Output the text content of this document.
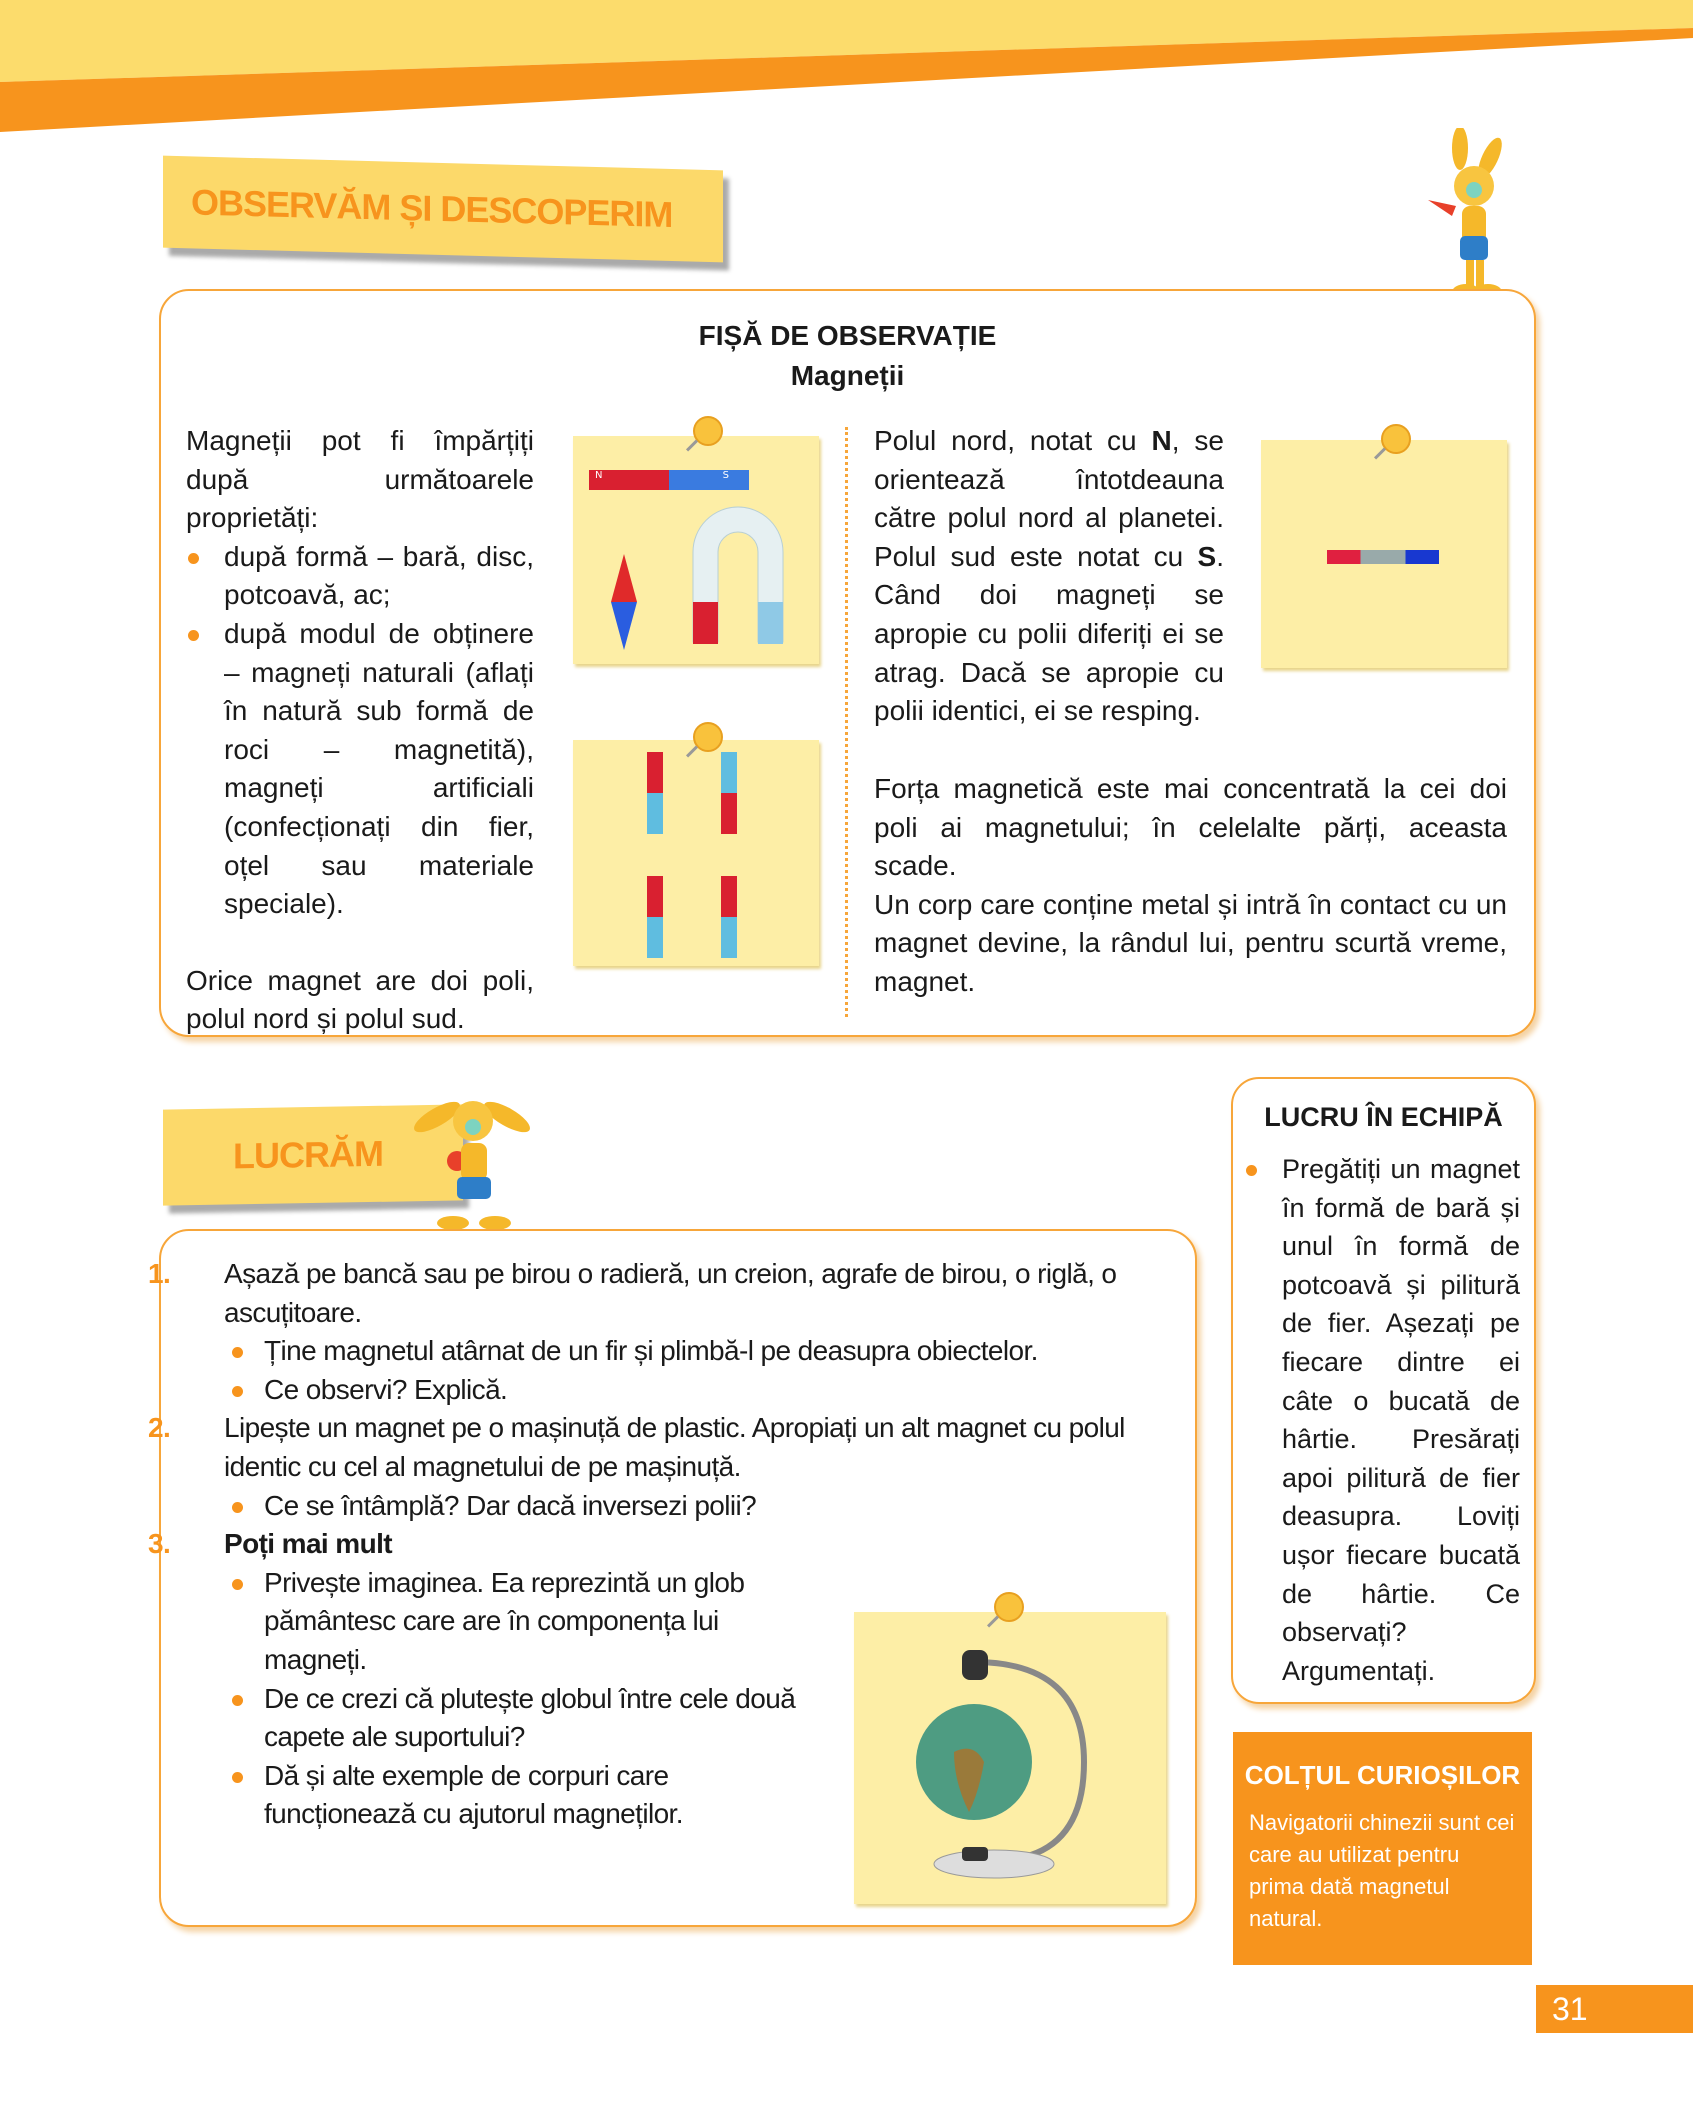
OBSERVĂM ȘI DESCOPERIM
FIȘĂ DE OBSERVAȚIE
Magneții

Magneții pot fi împărțiți după următoarele proprietăți:

după formă – bară, disc, potcoavă, ac;
după modul de obținere – magneți naturali (aflați în natură sub formă de roci – magnetită), magneți artificiali (confecționați din fier, oțel sau materiale speciale).

Orice magnet are doi poli, polul nord și polul sud.

N	S
Polul nord, notat cu N, se orientează întotdeauna către polul nord al planetei. Polul sud este notat cu S. Când doi magneți se apropie cu polii diferiți ei se atrag. Dacă se apropie cu polii identici, ei se resping.

Forța magnetică este mai concentrată la cei doi poli ai magnetului; în celelalte părți, aceasta scade.

Un corp care conține metal și intră în contact cu un magnet devine, la rândul lui, pentru scurtă vreme, magnet.

LUCRĂM
1. Așază pe bancă sau pe birou o radieră, un creion, agrafe de birou, o riglă, o ascuțitoare.
Ține magnetul atârnat de un fir și plimbă-l pe deasupra obiectelor.
Ce observi? Explică.
2. Lipește un magnet pe o mașinuță de plastic. Apropiați un alt magnet cu polul identic cu cel al magnetului de pe mașinuță.
Ce se întâmplă? Dar dacă inversezi polii?
3. Poți mai mult
Privește imaginea. Ea reprezintă un glob pământesc care are în componența lui magneți.
De ce crezi că plutește globul între cele două capete ale suportului?
Dă și alte exemple de corpuri care funcționează cu ajutorul magneților.
LUCRU ÎN ECHIPĂ
Pregătiți un magnet în formă de bară și unul în formă de potcoavă și pilitură de fier. Așezați pe fiecare dintre ei câte o bucată de hârtie. Presărați apoi pilitură de fier deasupra. Loviți ușor fiecare bucată de hârtie. Ce observați? Argumentați.
COLȚUL CURIOȘILOR
Navigatorii chinezii sunt cei care au utilizat pentru prima dată magnetul natural.
31
